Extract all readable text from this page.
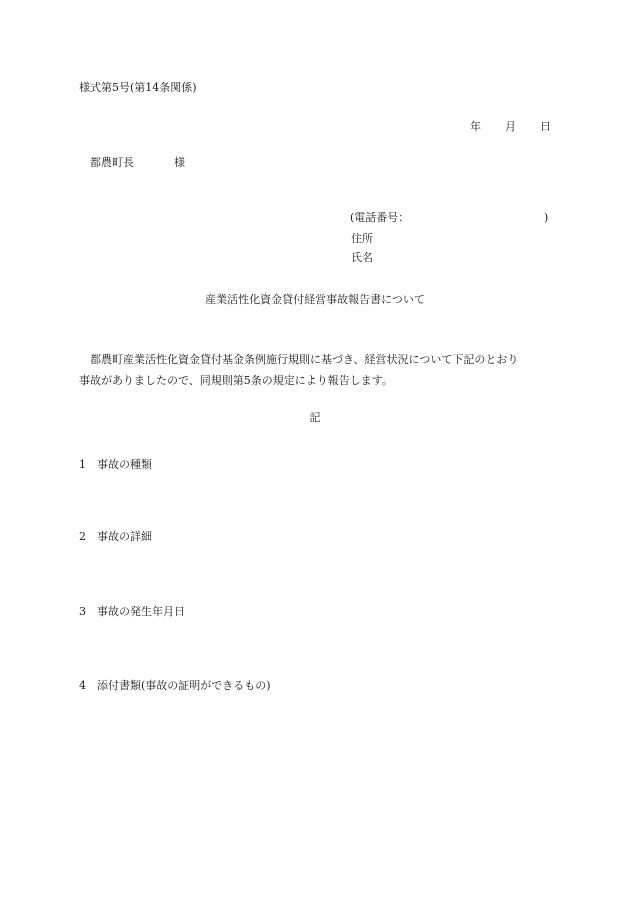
様式第5号(第14条関係)
年 月 日
都農町長	様
(電話番号：	)
住所
氏名
産業活性化資金貸付経営事故報告書について
都農町産業活性化資金貸付基金条例施行規則に基づき、経営状況について下記のとおり
事故がありましたので、同規則第5条の規定により報告します。
記
1 事故の種類
2 事故の詳細
3 事故の発生年月日
4 添付書類(事故の証明ができるもの)
